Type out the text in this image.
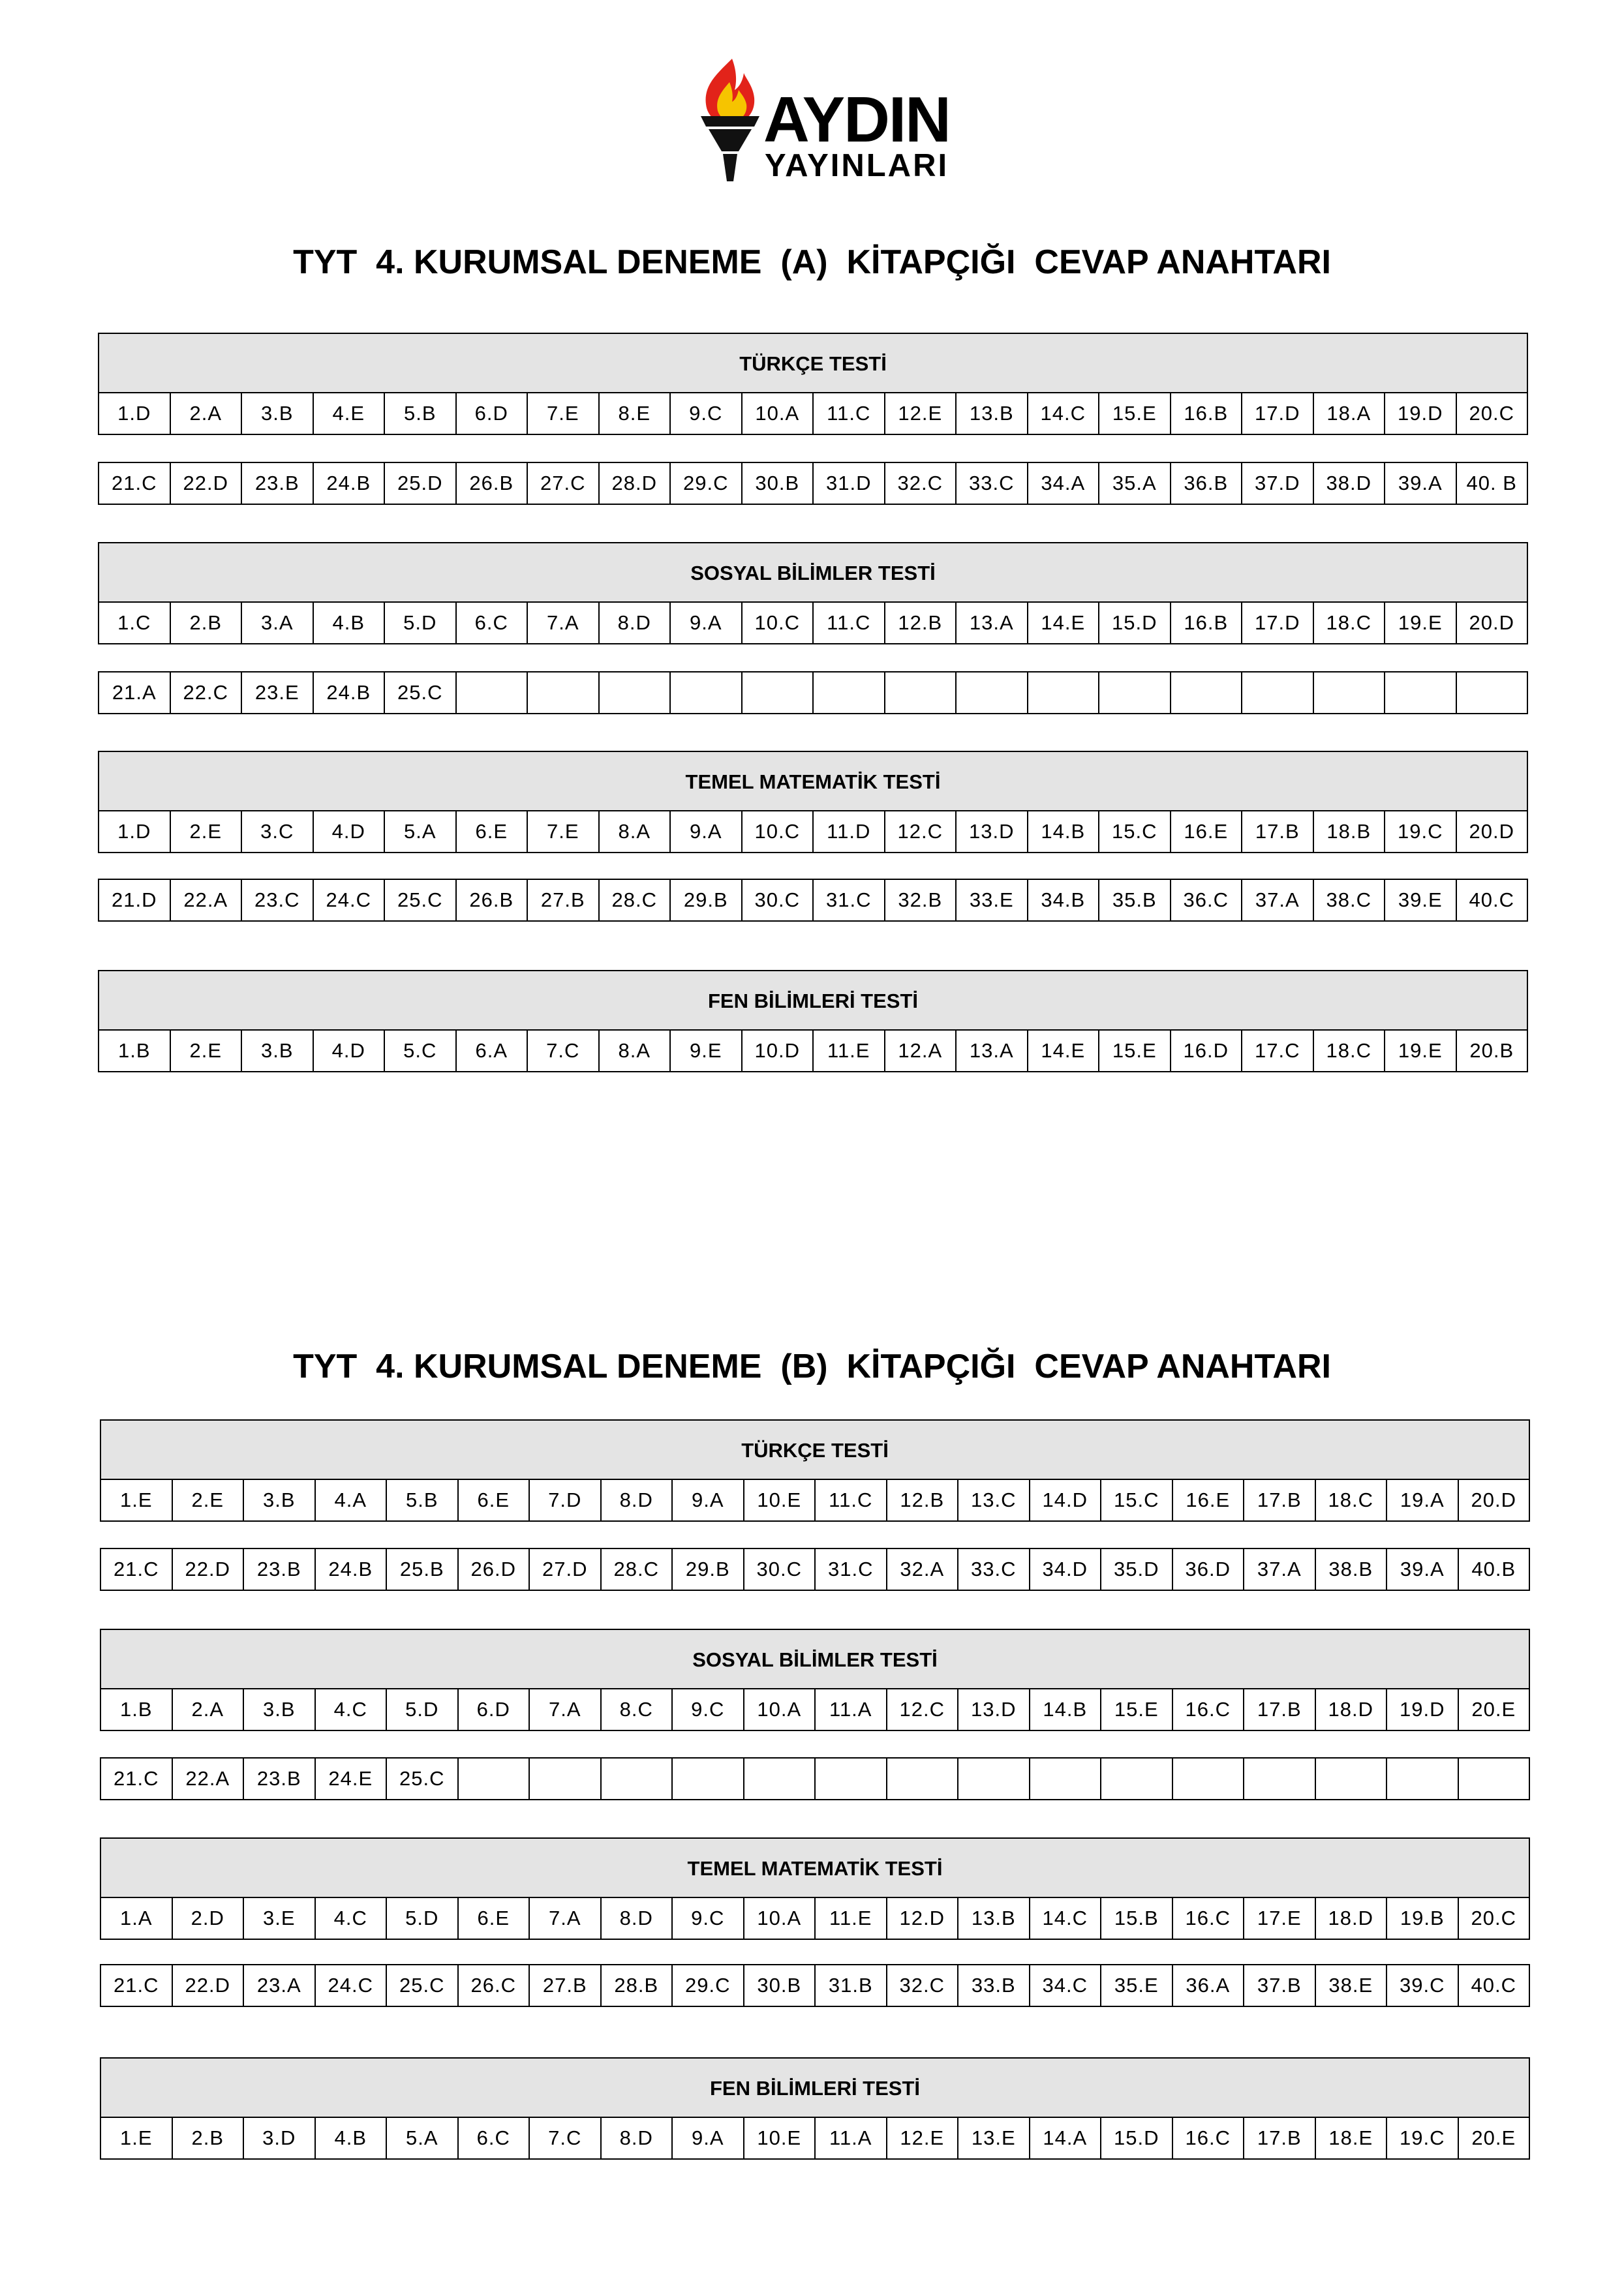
AYDIN
YAYINLARI
TYT  4. KURUMSAL DENEME  (A)  KİTAPÇIĞI  CEVAP ANAHTARI
TÜRKÇE TESTİ
1.D	2.A	3.B	4.E	5.B	6.D	7.E	8.E	9.C	10.A	11.C	12.E	13.B	14.C	15.E	16.B	17.D	18.A	19.D	20.C
21.C	22.D	23.B	24.B	25.D	26.B	27.C	28.D	29.C	30.B	31.D	32.C	33.C	34.A	35.A	36.B	37.D	38.D	39.A	40. B
SOSYAL BİLİMLER TESTİ
1.C	2.B	3.A	4.B	5.D	6.C	7.A	8.D	9.A	10.C	11.C	12.B	13.A	14.E	15.D	16.B	17.D	18.C	19.E	20.D
21.A	22.C	23.E	24.B	25.C
TEMEL MATEMATİK TESTİ
1.D	2.E	3.C	4.D	5.A	6.E	7.E	8.A	9.A	10.C	11.D	12.C	13.D	14.B	15.C	16.E	17.B	18.B	19.C	20.D
21.D	22.A	23.C	24.C	25.C	26.B	27.B	28.C	29.B	30.C	31.C	32.B	33.E	34.B	35.B	36.C	37.A	38.C	39.E	40.C
FEN BİLİMLERİ TESTİ
1.B	2.E	3.B	4.D	5.C	6.A	7.C	8.A	9.E	10.D	11.E	12.A	13.A	14.E	15.E	16.D	17.C	18.C	19.E	20.B
TYT  4. KURUMSAL DENEME  (B)  KİTAPÇIĞI  CEVAP ANAHTARI
TÜRKÇE TESTİ
1.E	2.E	3.B	4.A	5.B	6.E	7.D	8.D	9.A	10.E	11.C	12.B	13.C	14.D	15.C	16.E	17.B	18.C	19.A	20.D
21.C	22.D	23.B	24.B	25.B	26.D	27.D	28.C	29.B	30.C	31.C	32.A	33.C	34.D	35.D	36.D	37.A	38.B	39.A	40.B
SOSYAL BİLİMLER TESTİ
1.B	2.A	3.B	4.C	5.D	6.D	7.A	8.C	9.C	10.A	11.A	12.C	13.D	14.B	15.E	16.C	17.B	18.D	19.D	20.E
21.C	22.A	23.B	24.E	25.C
TEMEL MATEMATİK TESTİ
1.A	2.D	3.E	4.C	5.D	6.E	7.A	8.D	9.C	10.A	11.E	12.D	13.B	14.C	15.B	16.C	17.E	18.D	19.B	20.C
21.C	22.D	23.A	24.C	25.C	26.C	27.B	28.B	29.C	30.B	31.B	32.C	33.B	34.C	35.E	36.A	37.B	38.E	39.C	40.C
FEN BİLİMLERİ TESTİ
1.E	2.B	3.D	4.B	5.A	6.C	7.C	8.D	9.A	10.E	11.A	12.E	13.E	14.A	15.D	16.C	17.B	18.E	19.C	20.E
